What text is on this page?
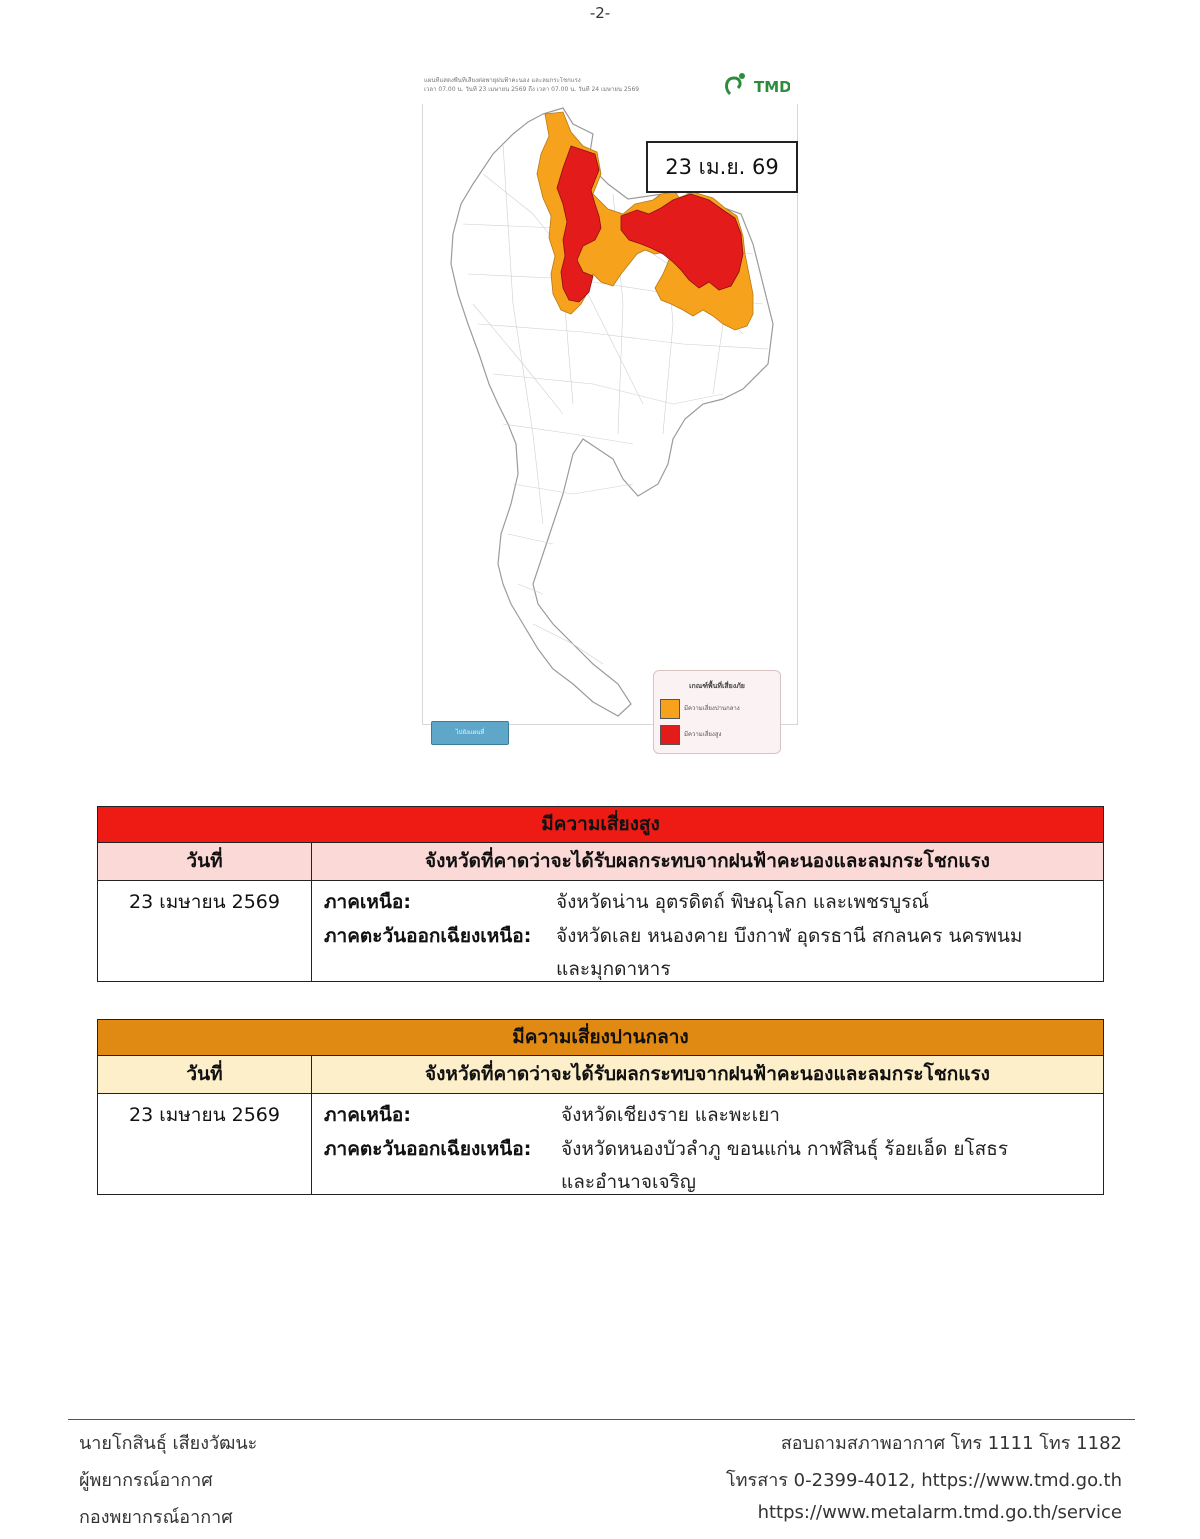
-2-
แผนที่แสดงพื้นที่เสี่ยงต่อพายุฝนฟ้าคะนอง และลมกระโชกแรง
เวลา 07.00 น. วันที่ 23 เมษายน 2569 ถึง เวลา 07.00 น. วันที่ 24 เมษายน 2569	TMD
23 เม.ย. 69
เกณฑ์พื้นที่เสี่ยงภัย
มีความเสี่ยงปานกลาง
มีความเสี่ยงสูง
ไปยังแผนที่
มีความเสี่ยงสูง
วันที่	จังหวัดที่คาดว่าจะได้รับผลกระทบจากฝนฟ้าคะนองและลมกระโชกแรง
23 เมษายน 2569	ภาคเหนือ:	จังหวัดน่าน อุตรดิตถ์ พิษณุโลก และเพชรบูรณ์
ภาคตะวันออกเฉียงเหนือ: จังหวัดเลย หนองคาย บึงกาฬ อุดรธานี สกลนคร นครพนม
และมุกดาหาร
มีความเสี่ยงปานกลาง
วันที่	จังหวัดที่คาดว่าจะได้รับผลกระทบจากฝนฟ้าคะนองและลมกระโชกแรง
23 เมษายน 2569	ภาคเหนือ:	จังหวัดเชียงราย และพะเยา
ภาคตะวันออกเฉียงเหนือ: จังหวัดหนองบัวลำภู ขอนแก่น กาฬสินธุ์ ร้อยเอ็ด ยโสธร
และอำนาจเจริญ
นายโกสินธุ์ เสียงวัฒนะ
ผู้พยากรณ์อากาศ
กองพยากรณ์อากาศ
สอบถามสภาพอากาศ โทร 1111 โทร 1182
โทรสาร 0-2399-4012, https://www.tmd.go.th
https://www.metalarm.tmd.go.th/service
